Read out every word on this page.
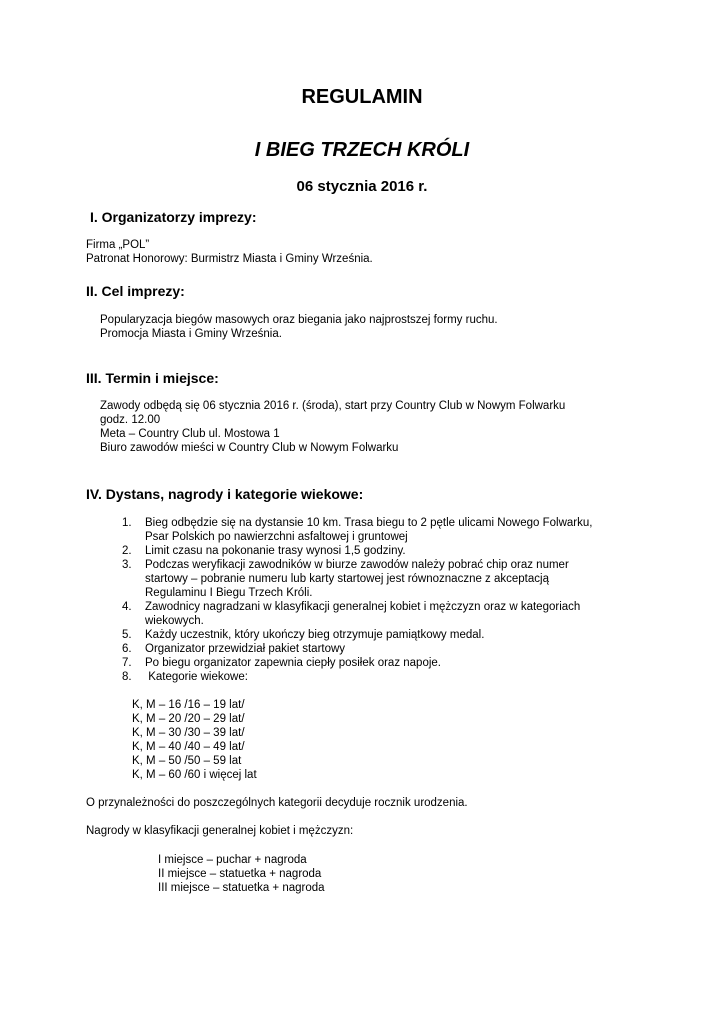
REGULAMIN
I BIEG TRZECH KRÓLI
06 stycznia 2016 r.
I. Organizatorzy imprezy:
Firma „POL”
Patronat Honorowy: Burmistrz Miasta i Gminy Września.
II. Cel imprezy:
Popularyzacja biegów masowych oraz biegania jako najprostszej formy ruchu.
Promocja Miasta i Gminy Września.
III. Termin i miejsce:
Zawody odbędą się 06 stycznia 2016 r. (środa), start przy Country Club w Nowym Folwarku
godz. 12.00
Meta – Country Club ul. Mostowa 1
Biuro zawodów mieści w Country Club w Nowym Folwarku
IV. Dystans, nagrody i kategorie wiekowe:
1.	Bieg odbędzie się na dystansie 10 km. Trasa biegu to 2 pętle ulicami Nowego Folwarku,
Psar Polskich po nawierzchni asfaltowej i gruntowej
2.	Limit czasu na pokonanie trasy wynosi 1,5 godziny.
3.	Podczas weryfikacji zawodników w biurze zawodów należy pobrać chip oraz numer
startowy – pobranie numeru lub karty startowej jest równoznaczne z akceptacją
Regulaminu I Biegu Trzech Króli.
4.	Zawodnicy nagradzani w klasyfikacji generalnej kobiet i mężczyzn oraz w kategoriach
wiekowych.
5.	Każdy uczestnik, który ukończy bieg otrzymuje pamiątkowy medal.
6.	Organizator przewidział pakiet startowy
7.	Po biegu organizator zapewnia ciepły posiłek oraz napoje.
8.	Kategorie wiekowe:
K, M – 16 /16 – 19 lat/
K, M – 20 /20 – 29 lat/
K, M – 30 /30 – 39 lat/
K, M – 40 /40 – 49 lat/
K, M – 50 /50 – 59 lat
K, M – 60 /60 i więcej lat
O przynależności do poszczególnych kategorii decyduje rocznik urodzenia.
Nagrody w klasyfikacji generalnej kobiet i mężczyzn:
I miejsce – puchar + nagroda
II miejsce – statuetka + nagroda
III miejsce – statuetka + nagroda
